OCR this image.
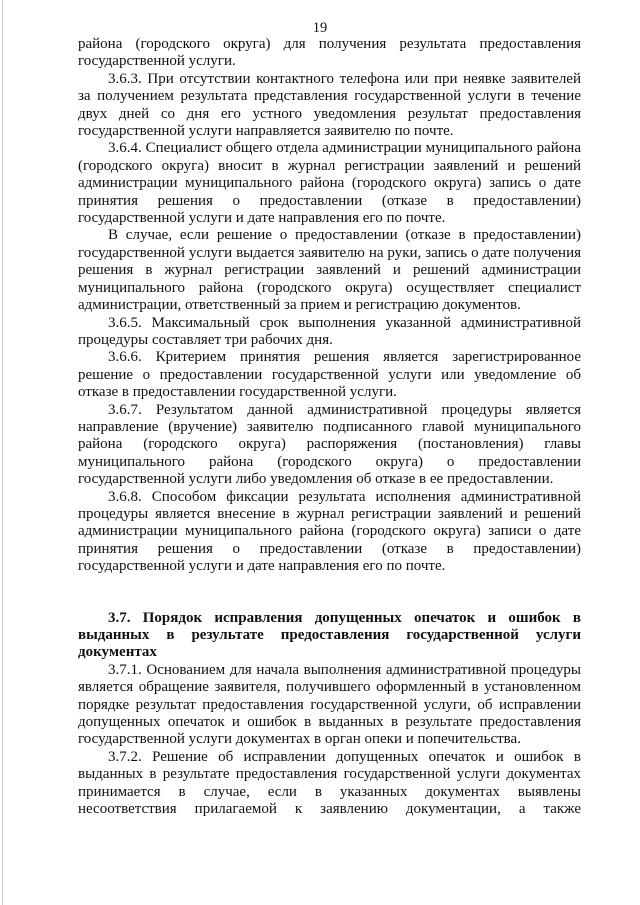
19

района (городского округа) для получения результата предоставления государственной услуги.

3.6.3. При отсутствии контактного телефона или при неявке заявителей за получением результата представления государственной услуги в течение двух дней со дня его устного уведомления результат предоставления государственной услуги направляется заявителю по почте.

3.6.4. Специалист общего отдела администрации муниципального района (городского округа) вносит в журнал регистрации заявлений и решений администрации муниципального района (городского округа) запись о дате принятия решения о предоставлении (отказе в предоставлении) государственной услуги и дате направления его по почте.

В случае, если решение о предоставлении (отказе в предоставлении) государственной услуги выдается заявителю на руки, запись о дате получения решения в журнал регистрации заявлений и решений администрации муниципального района (городского округа) осуществляет специалист администрации, ответственный за прием и регистрацию документов.

3.6.5. Максимальный срок выполнения указанной административной процедуры составляет три рабочих дня.

3.6.6. Критерием принятия решения является зарегистрированное решение о предоставлении государственной услуги или уведомление об отказе в предоставлении государственной услуги.

3.6.7. Результатом данной административной процедуры является направление (вручение) заявителю подписанного главой муниципального района (городского округа) распоряжения (постановления) главы муниципального района (городского округа) о предоставлении государственной услуги либо уведомления об отказе в ее предоставлении.

3.6.8. Способом фиксации результата исполнения административной процедуры является внесение в журнал регистрации заявлений и решений администрации муниципального района (городского округа) записи о дате принятия решения о предоставлении (отказе в предоставлении) государственной услуги и дате направления его по почте.

3.7. Порядок исправления допущенных опечаток и ошибок в выданных в результате предоставления государственной услуги документах

3.7.1. Основанием для начала выполнения административной процедуры является обращение заявителя, получившего оформленный в установленном порядке результат предоставления государственной услуги, об исправлении допущенных опечаток и ошибок в выданных в результате предоставления государственной услуги документах в орган опеки и попечительства.

3.7.2. Решение об исправлении допущенных опечаток и ошибок в выданных в результате предоставления государственной услуги документах принимается в случае, если в указанных документах выявлены несоответствия прилагаемой к заявлению документации, а также
